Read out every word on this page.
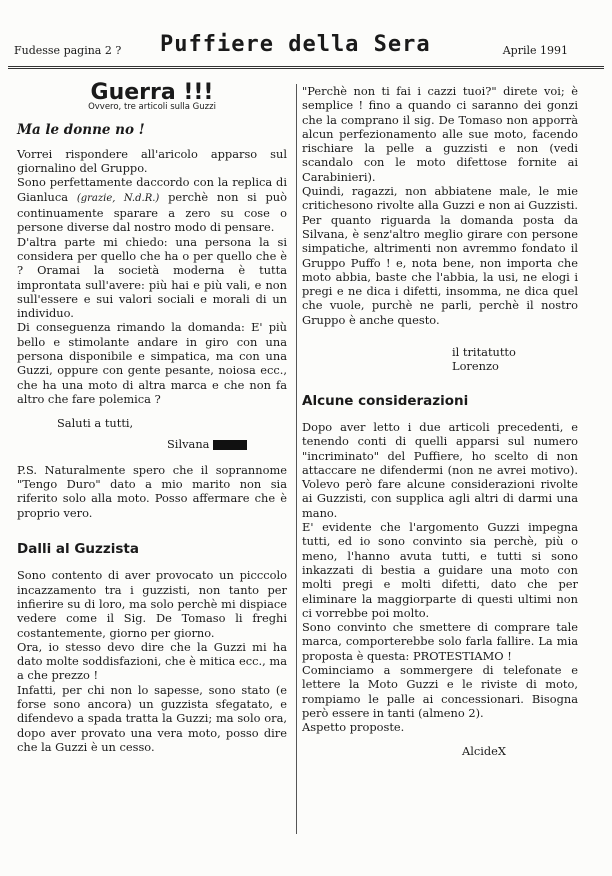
Fudesse pagina 2 ? Puffiere della Sera	Aprile 1991
Guerra !!!
Ovvero, tre articoli sulla Guzzi
Ma le donne no !

Vorrei rispondere all'aricolo apparso sul giornalino del Gruppo.

Sono perfettamente daccordo con la replica di Gianluca (grazie, N.d.R.) perchè non si può continuamente sparare a zero su cose o persone diverse dal nostro modo di pensare.

D'altra parte mi chiedo: una persona la si considera per quello che ha o per quello che è ? Oramai la società moderna è tutta improntata sull'avere: più hai e più vali, e non sull'essere e sui valori sociali e morali di un individuo.

Di conseguenza rimando la domanda: E' più bello e stimolante andare in giro con una persona disponibile e simpatica, ma con una Guzzi, oppure con gente pesante, noiosa ecc., che ha una moto di altra marca e che non fa altro che fare polemica ?

Saluti a tutti,
Silvana

P.S. Naturalmente spero che il soprannome "Tengo Duro" dato a mio marito non sia riferito solo alla moto. Posso affermare che è proprio vero.

Dalli al Guzzista

Sono contento di aver provocato un picccolo incazzamento tra i guzzisti, non tanto per infierire su di loro, ma solo perchè mi dispiace vedere come il Sig. De Tomaso li freghi costantemente, giorno per giorno.

Ora, io stesso devo dire che la Guzzi mi ha dato molte soddisfazioni, che è mitica ecc., ma a che prezzo !

Infatti, per chi non lo sapesse, sono stato (e forse sono ancora) un guzzista sfegatato, e difendevo a spada tratta la Guzzi; ma solo ora, dopo aver provato una vera moto, posso dire che la Guzzi è un cesso.

"Perchè non ti fai i cazzi tuoi?" direte voi; è semplice ! fino a quando ci saranno dei gonzi che la comprano il sig. De Tomaso non apporrà alcun perfezionamento alle sue moto, facendo rischiare la pelle a guzzisti e non (vedi scandalo con le moto difettose fornite ai Carabinieri).

Quindi, ragazzi, non abbiatene male, le mie critichesono rivolte alla Guzzi e non ai Guzzisti. Per quanto riguarda la domanda posta da Silvana, è senz'altro meglio girare con persone simpatiche, altrimenti non avremmo fondato il Gruppo Puffo ! e, nota bene, non importa che moto abbia, baste che l'abbia, la usi, ne elogi i pregi e ne dica i difetti, insomma, ne dica quel che vuole, purchè ne parli, perchè il nostro Gruppo è anche questo.

il tritatutto
Lorenzo
Alcune considerazioni

Dopo aver letto i due articoli precedenti, e tenendo conti di quelli apparsi sul numero "incriminato" del Puffiere, ho scelto di non attaccare ne difendermi (non ne avrei motivo). Volevo però fare alcune considerazioni rivolte ai Guzzisti, con supplica agli altri di darmi una mano.

E' evidente che l'argomento Guzzi impegna tutti, ed io sono convinto sia perchè, più o meno, l'hanno avuta tutti, e tutti si sono inkazzati di bestia a guidare una moto con molti pregi e molti difetti, dato che per eliminare la maggiorparte di questi ultimi non ci vorrebbe poi molto.

Sono convinto che smettere di comprare tale marca, comporterebbe solo farla fallire. La mia proposta è questa: PROTESTIAMO !

Cominciamo a sommergere di telefonate e lettere la Moto Guzzi e le riviste di moto, rompiamo le palle ai concessionari. Bisogna però essere in tanti (almeno 2).

Aspetto proposte.

AlcideX
